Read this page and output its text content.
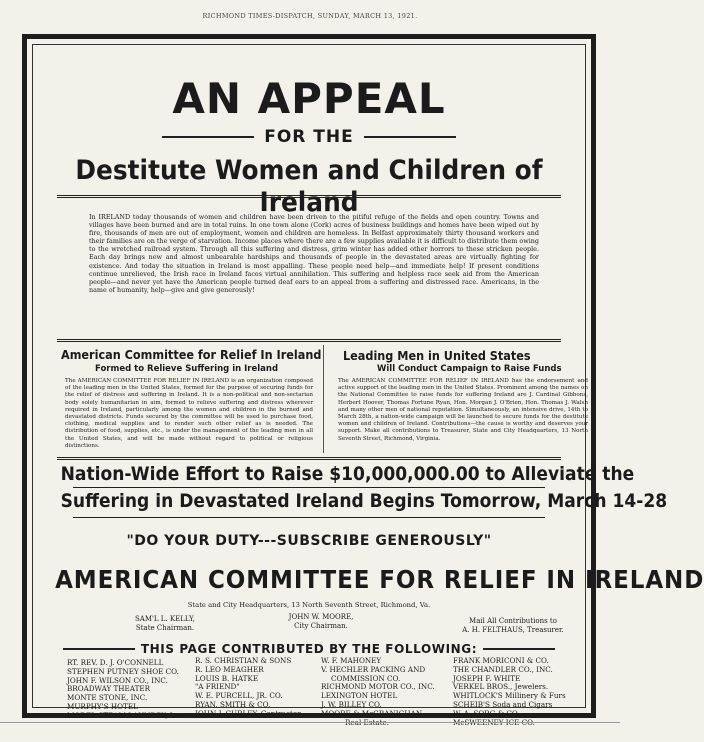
RICHMOND TIMES-DISPATCH, SUNDAY, MARCH 13, 1921.
AN APPEAL
FOR THE
Destitute Women and Children of Ireland
In IRELAND today thousands of women and children have been driven to the pitiful refuge of the fields and open country. Towns and villages have been burned and are in total ruins. In one town alone (Cork) acres of business buildings and homes have been wiped out by fire, thousands of men are out of employment, women and children are homeless. In Belfast approximately thirty thousand workers and their families are on the verge of starvation. Income places where there are a few supplies available it is difficult to distribute them owing to the wretched railroad system. Through all this suffering and distress, grim winter has added other horrors to these stricken people. Each day brings new and almost unbearable hardships and thousands of people in the devastated areas are virtually fighting for existence. And today the situation in Ireland is most appalling. These people need help—and immediate help! If present conditions continue unrelieved, the Irish race in Ireland faces virtual annihilation. This suffering and helpless race seek aid from the American people—and never yet have the American people turned deaf ears to an appeal from a suffering and distressed race. Americans, in the name of humanity, help—give and give generously!
American Committee for Relief In Ireland
Formed to Relieve Suffering in Ireland
The AMERICAN COMMITTEE FOR RELIEF IN IRELAND is an organization composed of the leading men in the United States, formed for the purpose of securing funds for the relief of distress and suffering in Ireland. It is a non-political and non-sectarian body solely humanitarian in aim, formed to relieve suffering and distress wherever required in Ireland, particularly among the women and children in the burned and devastated districts. Funds secured by the committee will be used to purchase food, clothing, medical supplies and to render such other relief as is needed. The distribution of food, supplies, etc., is under the management of the leading men in all the United States, and will be made without regard to political or religious distinctions.
Leading Men in United States
Will Conduct Campaign to Raise Funds
The AMERICAN COMMITTEE FOR RELIEF IN IRELAND has the endorsement and active support of the leading men in the United States. Prominent among the names on the National Committee to raise funds for suffering Ireland are J. Cardinal Gibbons, Herbert Hoover, Thomas Fortune Ryan, Hon. Morgan J. O'Brien, Hon. Thomas J. Walsh and many other men of national reputation. Simultaneously, an intensive drive, 14th to March 28th, a nation-wide campaign will be launched to secure funds for the destitute women and children of Ireland. Contributions—the cause is worthy and deserves your support. Make all contributions to Treasurer, State and City Headquarters, 13 North Seventh Street, Richmond, Virginia.
Nation-Wide Effort to Raise $10,000,000.00 to Alleviate the
Suffering in Devastated Ireland Begins Tomorrow, March 14-28
"DO YOUR DUTY---SUBSCRIBE GENEROUSLY"
AMERICAN COMMITTEE FOR RELIEF IN IRELAND
State and City Headquarters, 13 North Seventh Street, Richmond, Va.
SAM'L L. KELLY,
State Chairman.
JOHN W. MOORE,
City Chairman.
Mail All Contributions to
A. H. FELTHAUS, Treasurer.
THIS PAGE CONTRIBUTED BY THE FOLLOWING:
RT. REV. D. J. O'CONNELL
STEPHEN PUTNEY SHOE CO.
JOHN F. WILSON CO., INC.
BROADWAY THEATER
MONTE STONE, INC.
MURPHY'S HOTEL
MODEL STEAM LAUNDRY, Inc.
R. S. CHRISTIAN & SONS
R. LEO MEAGHER
LOUIS B. HATKE
"A FRIEND"
W. E. PURCELL, JR. CO.
RYAN, SMITH & CO.
JOHN J. CURLEY, Contractor
W. F. MAHONEY
V. HECHLER PACKING AND
COMMISSION CO.
RICHMOND MOTOR CO., INC.
LEXINGTON HOTEL
J. W. BILLEY CO.
MOORE & McGRANIGHAN,
Real Estate.
FRANK MORICONI & CO.
THE CHANDLER CO., INC.
JOSEPH F. WHITE
VERKEL BROS., Jewelers.
WHITLOCK'S Millinery & Furs
SCHEIB'S Soda and Cigars
W. A. SORG & CO.
McSWEENEY ICE CO.
